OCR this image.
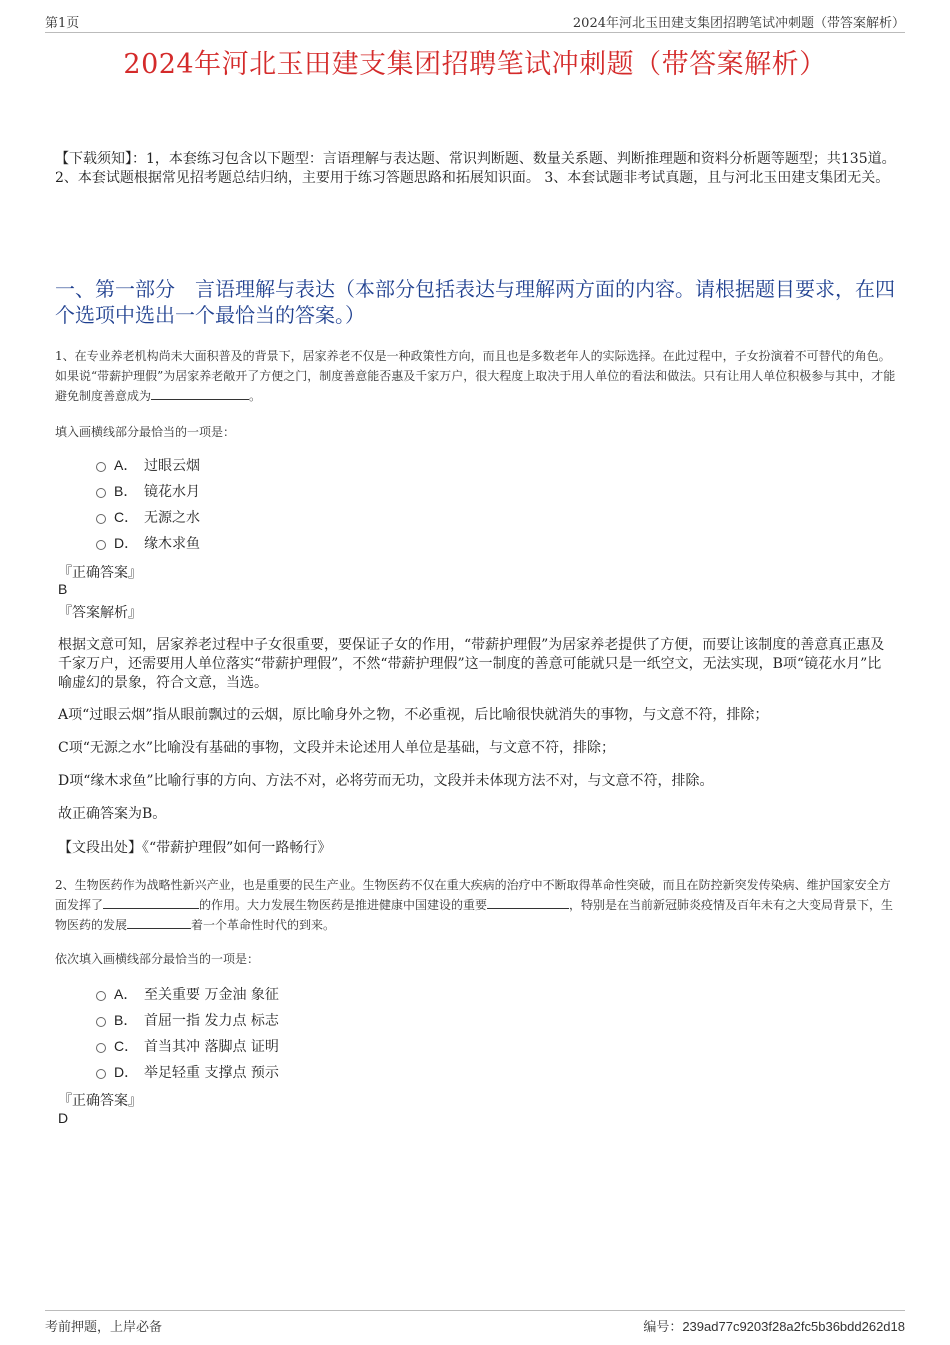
第1页	2024年河北玉田建支集团招聘笔试冲刺题（带答案解析）
2024年河北玉田建支集团招聘笔试冲刺题（带答案解析）

【下载须知】：1，本套练习包含以下题型：言语理解与表达题、常识判断题、数量关系题、判断推理题和资料分析题等题型；共135道。 2、本套试题根据常见招考题总结归纳，主要用于练习答题思路和拓展知识面。 3、本套试题非考试真题，且与河北玉田建支集团无关。

一、第一部分　言语理解与表达（本部分包括表达与理解两方面的内容。请根据题目要求，在四个选项中选出一个最恰当的答案。）

1、在专业养老机构尚未大面积普及的背景下，居家养老不仅是一种政策性方向，而且也是多数老年人的实际选择。在此过程中，子女扮演着不可替代的角色。如果说“带薪护理假”为居家养老敞开了方便之门，制度善意能否惠及千家万户，很大程度上取决于用人单位的看法和做法。只有让用人单位积极参与其中，才能避免制度善意成为	。

填入画横线部分最恰当的一项是：

A． 过眼云烟
B． 镜花水月
C． 无源之水
D． 缘木求鱼

『正确答案』

B

『答案解析』

根据文意可知，居家养老过程中子女很重要，要保证子女的作用，“带薪护理假”为居家养老提供了方便，而要让该制度的善意真正惠及千家万户，还需要用人单位落实“带薪护理假”，不然“带薪护理假”这一制度的善意可能就只是一纸空文，无法实现，B项“镜花水月”比喻虚幻的景象，符合文意，当选。

A项“过眼云烟”指从眼前飘过的云烟，原比喻身外之物，不必重视，后比喻很快就消失的事物，与文意不符，排除；

C项“无源之水”比喻没有基础的事物，文段并未论述用人单位是基础，与文意不符，排除；

D项“缘木求鱼”比喻行事的方向、方法不对，必将劳而无功，文段并未体现方法不对，与文意不符，排除。

故正确答案为B。

【文段出处】《“带薪护理假”如何一路畅行》

2、生物医药作为战略性新兴产业，也是重要的民生产业。生物医药不仅在重大疾病的治疗中不断取得革命性突破，而且在防控新突发传染病、维护国家安全方面发挥了	的作用。大力发展生物医药是推进健康中国建设的重要	，特别是在当前新冠肺炎疫情及百年未有之大变局背景下，生物医药的发展	着一个革命性时代的到来。

依次填入画横线部分最恰当的一项是：

A． 至关重要 万金油 象征
B． 首屈一指 发力点 标志
C． 首当其冲 落脚点 证明
D． 举足轻重 支撑点 预示

『正确答案』

D

考前押题，上岸必备	编号：239ad77c9203f28a2fc5b36bdd262d18
